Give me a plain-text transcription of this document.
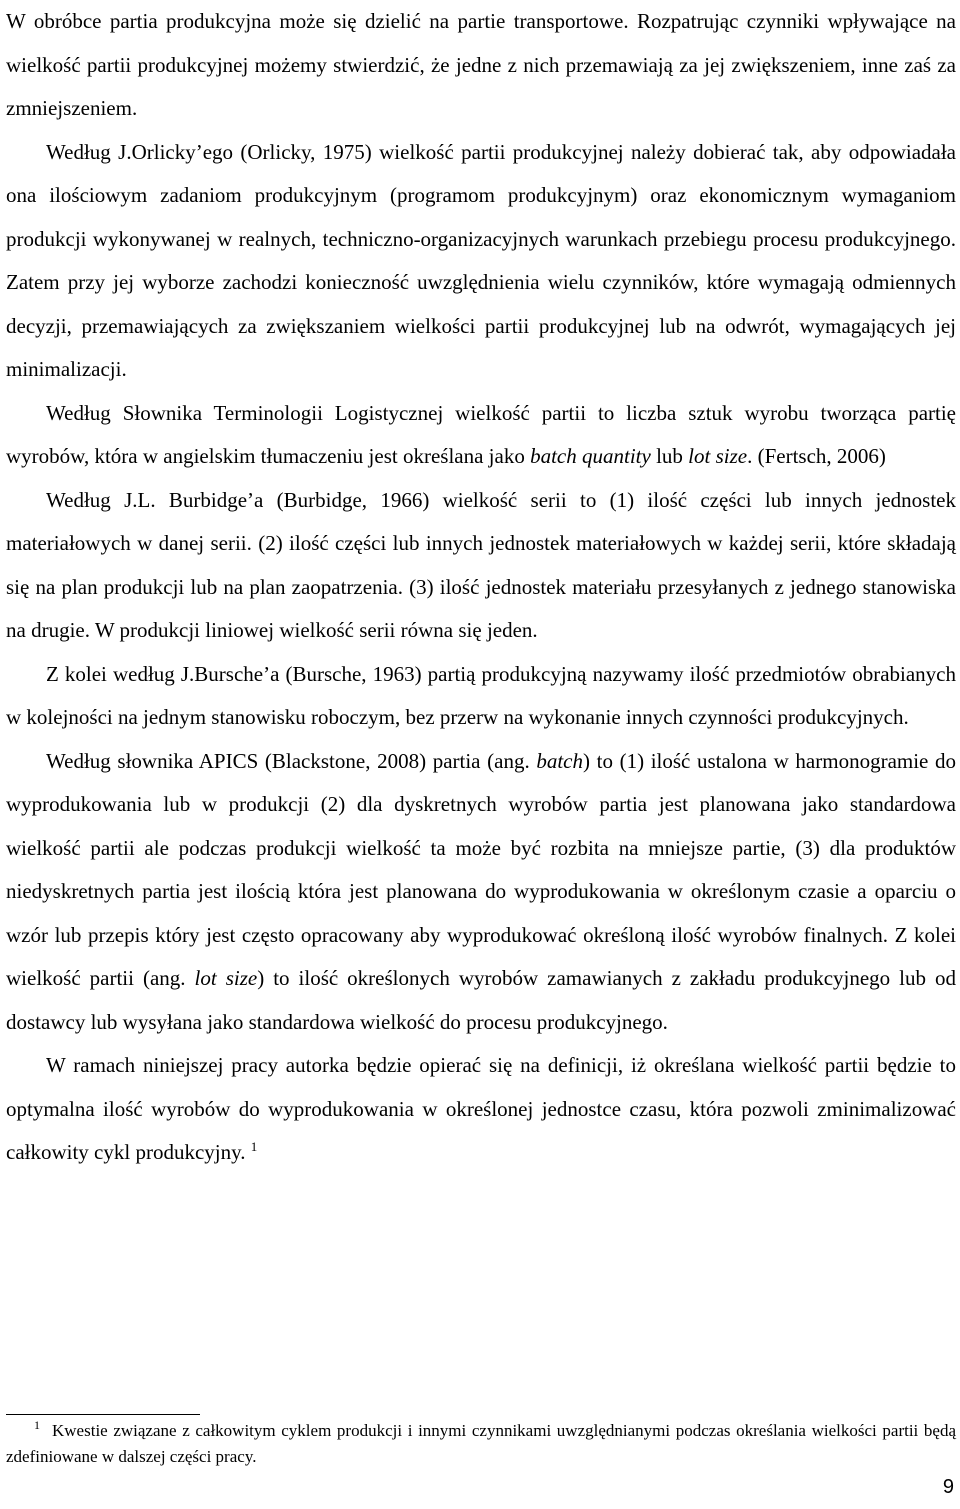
W obróbce partia produkcyjna może się dzielić na partie transportowe. Rozpatrując czynniki wpływające na wielkość partii produkcyjnej możemy stwierdzić, że jedne z nich przemawiają za jej zwiększeniem, inne zaś za zmniejszeniem.

Według J.Orlicky’ego (Orlicky, 1975) wielkość partii produkcyjnej należy dobierać tak, aby odpowiadała ona ilościowym zadaniom produkcyjnym (programom produkcyjnym) oraz ekonomicznym wymaganiom produkcji wykonywanej w realnych, techniczno-organizacyjnych warunkach przebiegu procesu produkcyjnego. Zatem przy jej wyborze zachodzi konieczność uwzględnienia wielu czynników, które wymagają odmiennych decyzji, przemawiających za zwiększaniem wielkości partii produkcyjnej lub na odwrót, wymagających jej minimalizacji.

Według Słownika Terminologii Logistycznej wielkość partii to liczba sztuk wyrobu tworząca partię wyrobów, która w angielskim tłumaczeniu jest określana jako batch quantity lub lot size. (Fertsch, 2006)

Według J.L. Burbidge’a (Burbidge, 1966) wielkość serii to (1) ilość części lub innych jednostek materiałowych w danej serii. (2) ilość części lub innych jednostek materiałowych w każdej serii, które składają się na plan produkcji lub na plan zaopatrzenia. (3) ilość jednostek materiału przesyłanych z jednego stanowiska na drugie. W produkcji liniowej wielkość serii równa się jeden.

Z kolei według J.Bursche’a (Bursche, 1963) partią produkcyjną nazywamy ilość przedmiotów obrabianych w kolejności na jednym stanowisku roboczym, bez przerw na wykonanie innych czynności produkcyjnych.

Według słownika APICS (Blackstone, 2008) partia (ang. batch) to (1) ilość ustalona w harmonogramie do wyprodukowania lub w produkcji (2) dla dyskretnych wyrobów partia jest planowana jako standardowa wielkość partii ale podczas produkcji wielkość ta może być rozbita na mniejsze partie, (3) dla produktów niedyskretnych partia jest ilością która jest planowana do wyprodukowania w określonym czasie a oparciu o wzór lub przepis który jest często opracowany aby wyprodukować określoną ilość wyrobów finalnych. Z kolei wielkość partii (ang. lot size) to ilość określonych wyrobów zamawianych z zakładu produkcyjnego lub od dostawcy lub wysyłana jako standardowa wielkość do procesu produkcyjnego.

W ramach niniejszej pracy autorka będzie opierać się na definicji, iż określana wielkość partii będzie to optymalna ilość wyrobów do wyprodukowania w określonej jednostce czasu, która pozwoli zminimalizować całkowity cykl produkcyjny. $^1$

$^1$ Kwestie związane z całkowitym cyklem produkcji i innymi czynnikami uwzględnianymi podczas określania wielkości partii będą zdefiniowane w dalszej części pracy.
9
